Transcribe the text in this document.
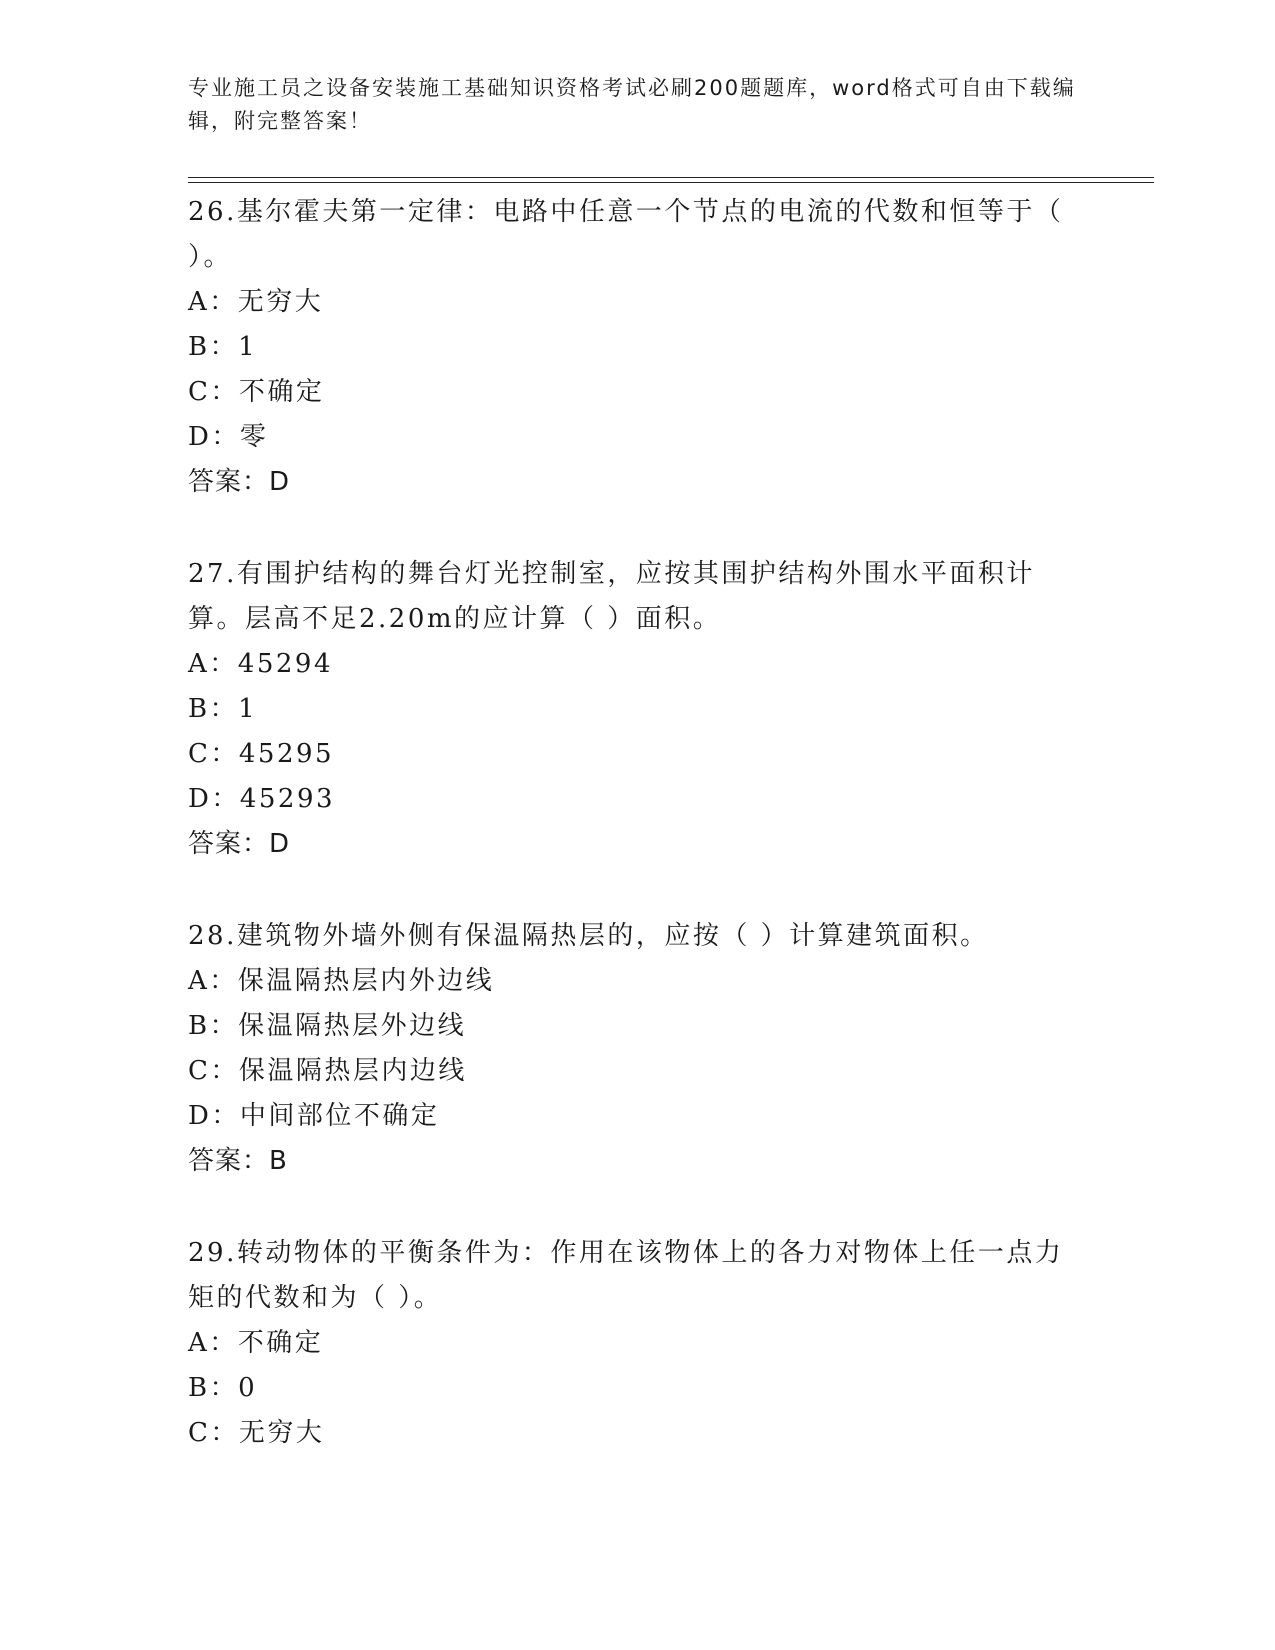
专业施工员之设备安装施工基础知识资格考试必刷200题题库，word格式可自由下载编辑，附完整答案！
26.基尔霍夫第一定律：电路中任意一个节点的电流的代数和恒等于（ ）。
A：无穷大
B：1
C：不确定
D：零
答案：D
27.有围护结构的舞台灯光控制室，应按其围护结构外围水平面积计算。层高不足2.20m的应计算（ ）面积。
A：45294
B：1
C：45295
D：45293
答案：D
28.建筑物外墙外侧有保温隔热层的，应按（ ）计算建筑面积。
A：保温隔热层内外边线
B：保温隔热层外边线
C：保温隔热层内边线
D：中间部位不确定
答案：B
29.转动物体的平衡条件为：作用在该物体上的各力对物体上任一点力矩的代数和为（ ）。
A：不确定
B：0
C：无穷大
